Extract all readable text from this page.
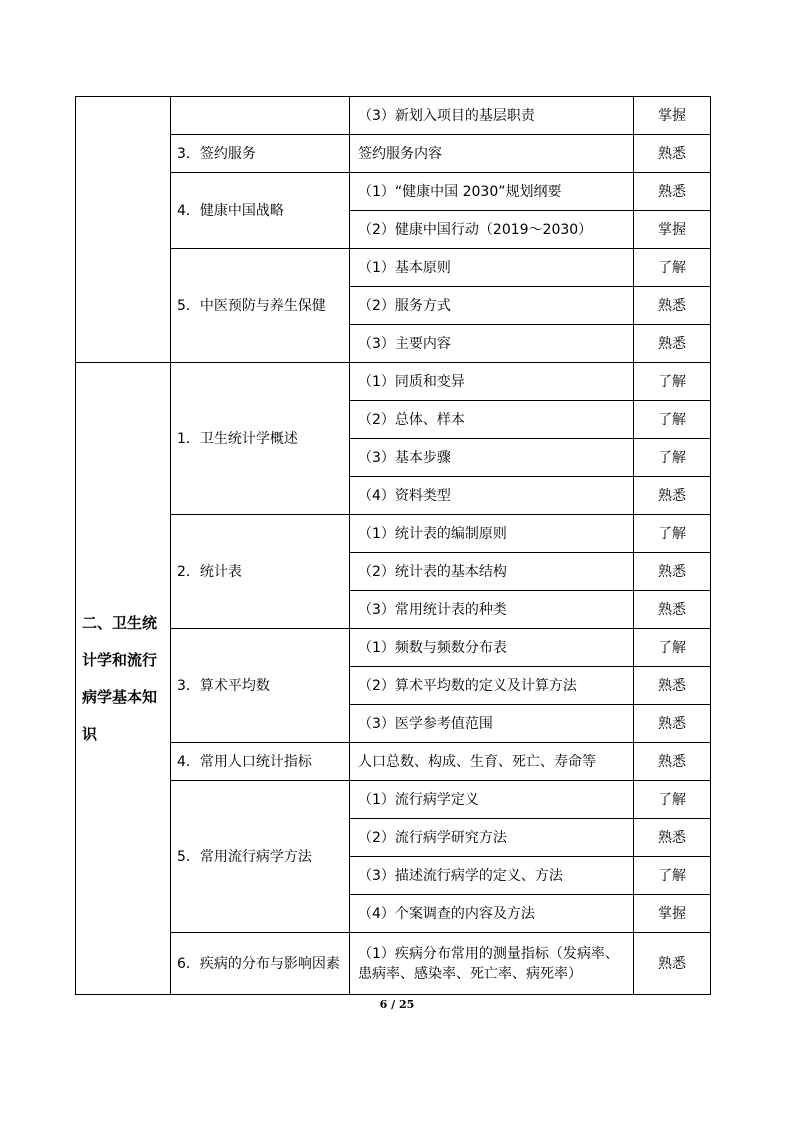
		（3）新划入项目的基层职责	掌握
	3．签约服务	签约服务内容	熟悉
	4．健康中国战略	（1）“健康中国 2030”规划纲要	熟悉
		（2）健康中国行动（2019～2030）	掌握
	5．中医预防与养生保健	（1）基本原则	了解
		（2）服务方式	熟悉
		（3）主要内容	熟悉
二、卫生统计学和流行病学基本知识	1．卫生统计学概述	（1）同质和变异	了解
		（2）总体、样本	了解
		（3）基本步骤	了解
		（4）资料类型	熟悉
	2．统计表	（1）统计表的编制原则	了解
		（2）统计表的基本结构	熟悉
		（3）常用统计表的种类	熟悉
	3．算术平均数	（1）频数与频数分布表	了解
		（2）算术平均数的定义及计算方法	熟悉
		（3）医学参考值范围	熟悉
	4．常用人口统计指标	人口总数、构成、生育、死亡、寿命等	熟悉
	5．常用流行病学方法	（1）流行病学定义	了解
		（2）流行病学研究方法	熟悉
		（3）描述流行病学的定义、方法	了解
		（4）个案调查的内容及方法	掌握
	6．疾病的分布与影响因素	（1）疾病分布常用的测量指标（发病率、患病率、感染率、死亡率、病死率）	熟悉
6 / 25
